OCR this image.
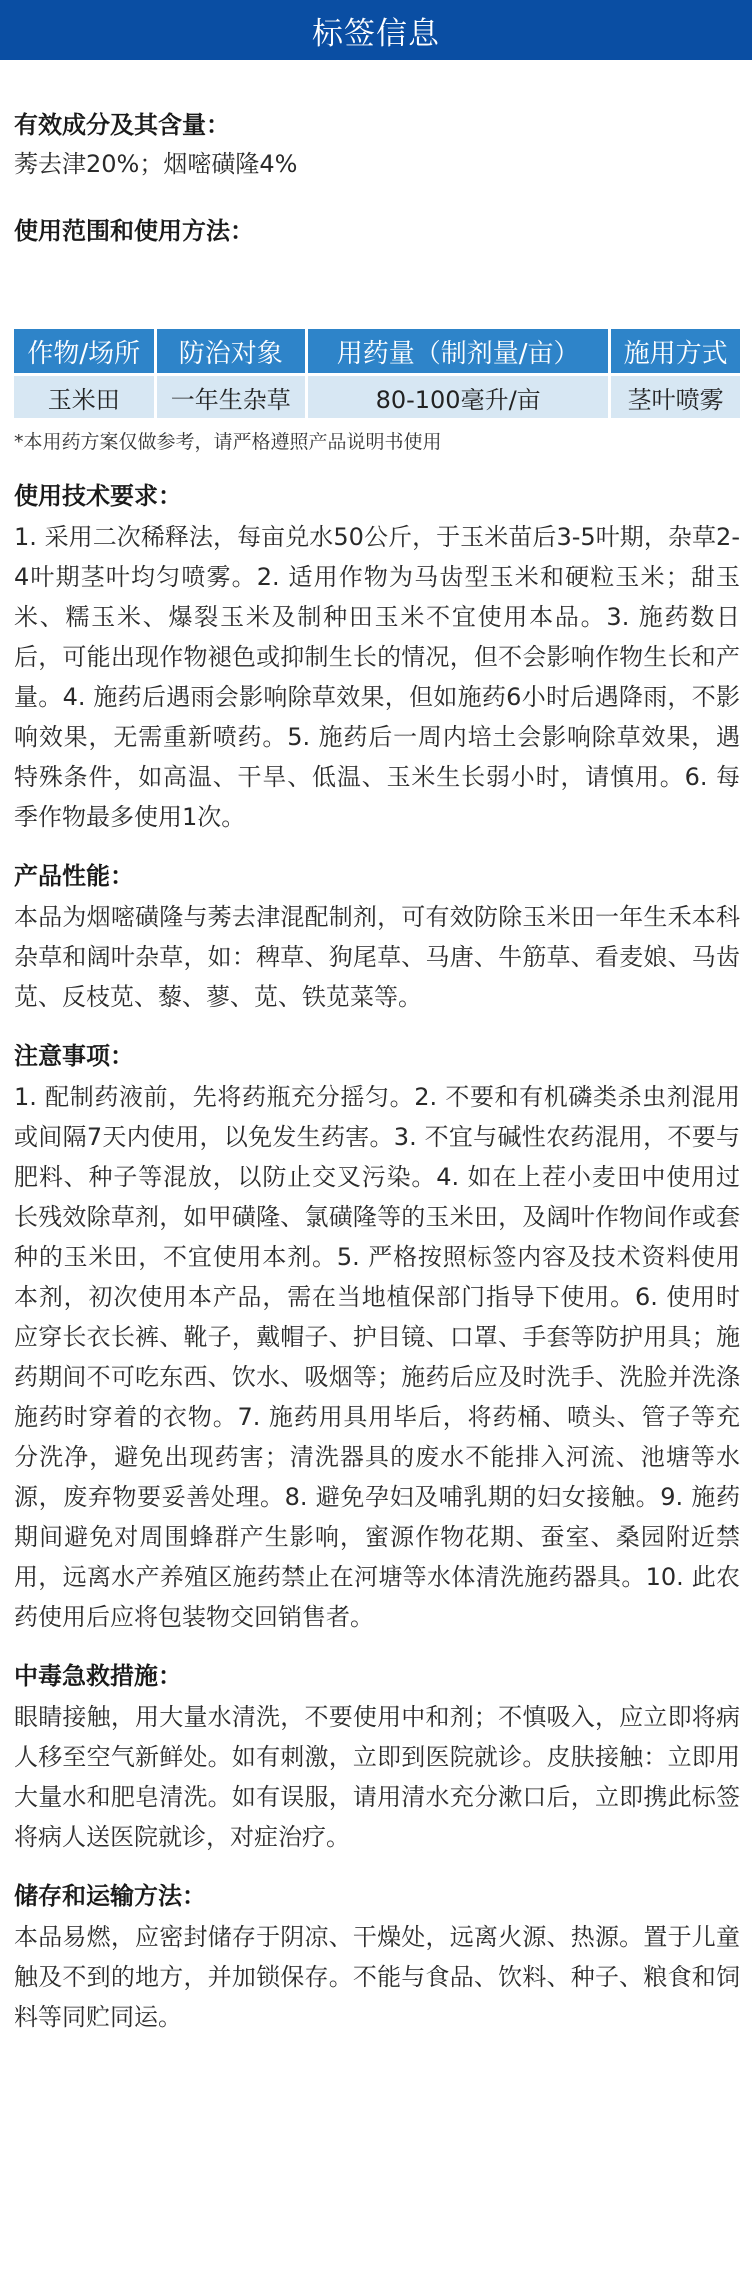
标签信息
有效成分及其含量：
莠去津20%；烟嘧磺隆4%
使用范围和使用方法：
作物/场所	防治对象	用药量（制剂量/亩）	施用方式
玉米田	一年生杂草	80-100毫升/亩	茎叶喷雾
*本用药方案仅做参考，请严格遵照产品说明书使用
使用技术要求：
1. 采用二次稀释法，每亩兑水50公斤，于玉米苗后3-5叶期，杂草2-4叶期茎叶均匀喷雾。2. 适用作物为马齿型玉米和硬粒玉米；甜玉米、糯玉米、爆裂玉米及制种田玉米不宜使用本品。3. 施药数日后，可能出现作物褪色或抑制生长的情况，但不会影响作物生长和产量。4. 施药后遇雨会影响除草效果，但如施药6小时后遇降雨，不影响效果，无需重新喷药。5. 施药后一周内培土会影响除草效果，遇特殊条件，如高温、干旱、低温、玉米生长弱小时，请慎用。6. 每季作物最多使用1次。
产品性能：
本品为烟嘧磺隆与莠去津混配制剂，可有效防除玉米田一年生禾本科杂草和阔叶杂草，如：稗草、狗尾草、马唐、牛筋草、看麦娘、马齿苋、反枝苋、藜、蓼、苋、铁苋菜等。
注意事项：
1. 配制药液前，先将药瓶充分摇匀。2. 不要和有机磷类杀虫剂混用或间隔7天内使用，以免发生药害。3. 不宜与碱性农药混用，不要与肥料、种子等混放，以防止交叉污染。4. 如在上茬小麦田中使用过长残效除草剂，如甲磺隆、氯磺隆等的玉米田，及阔叶作物间作或套种的玉米田，不宜使用本剂。5. 严格按照标签内容及技术资料使用本剂，初次使用本产品，需在当地植保部门指导下使用。6. 使用时应穿长衣长裤、靴子，戴帽子、护目镜、口罩、手套等防护用具；施药期间不可吃东西、饮水、吸烟等；施药后应及时洗手、洗脸并洗涤施药时穿着的衣物。7. 施药用具用毕后，将药桶、喷头、管子等充分洗净，避免出现药害；清洗器具的废水不能排入河流、池塘等水源，废弃物要妥善处理。8. 避免孕妇及哺乳期的妇女接触。9. 施药期间避免对周围蜂群产生影响，蜜源作物花期、蚕室、桑园附近禁用，远离水产养殖区施药禁止在河塘等水体清洗施药器具。10. 此农药使用后应将包装物交回销售者。
中毒急救措施：
眼睛接触，用大量水清洗，不要使用中和剂；不慎吸入，应立即将病人移至空气新鲜处。如有刺激，立即到医院就诊。皮肤接触：立即用大量水和肥皂清洗。如有误服，请用清水充分漱口后，立即携此标签将病人送医院就诊，对症治疗。
储存和运输方法：
本品易燃，应密封储存于阴凉、干燥处，远离火源、热源。置于儿童触及不到的地方，并加锁保存。不能与食品、饮料、种子、粮食和饲料等同贮同运。
